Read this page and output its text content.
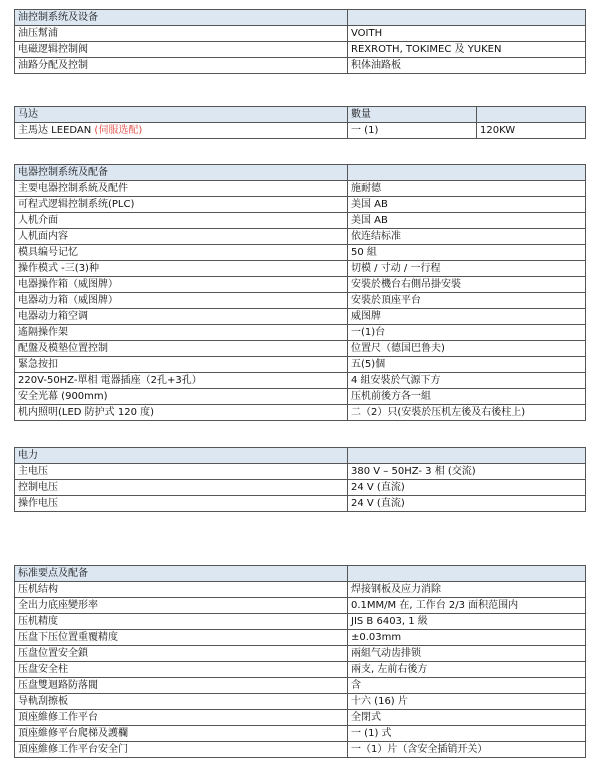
油控制系统及设备	
油压幫浦	VOITH
电磁逻辑控制阀	REXROTH, TOKIMEC 及 YUKEN
油路分配及控制	积体油路板
马达	數量	
主馬达 LEEDAN (伺服选配)	一 (1)	120KW
电器控制系统及配备	
主要电器控制系統及配件	施耐德
可程式逻辑控制系统(PLC)	美国 AB
人机介面	美国 AB
人机面内容	依连结标准
模具编号记忆	50 組
操作模式 -三(3)种	切模 / 寸动 / 一行程
电器操作箱（威图牌）	安裝於機台右側吊掛安裝
电器动力箱（威图牌）	安裝於頂座平台
电器动力箱空调	威图牌
遙隔操作架	一(1)台
配盤及模墊位置控制	位置尺（德国巴鲁夫)
緊急按扣	五(5)個
220V-50HZ-單相 電器插座（2孔+3孔）	4 組安裝於气源下方
安全光幕 (900mm)	压机前後方各一組
机内照明(LED 防护式 120 度)	二（2）只(安裝於压机左後及右後柱上)
电力	
主电压	380 V – 50HZ- 3 相 (交流)
控制电压	24 V (直流)
操作电压	24 V (直流)
标准要点及配备	
压机结构	焊接钢板及应力消除
全出力底座變形率	0.1MM/M 在, 工作台 2/3 面积范围内
压机精度	JIS B 6403, 1 級
压盘下压位置重覆精度	±0.03mm
压盘位置安全鎖	兩組气动齿排锁
压盘安全柱	兩支, 左前右後方
压盘雙迴路防落閥	含
导軌刮擦板	十六 (16) 片
頂座維修工作平台	全閉式
頂座維修平台爬梯及護欄	一 (1) 式
頂座維修工作平台安全门	一（1）片（含安全插销开关）
